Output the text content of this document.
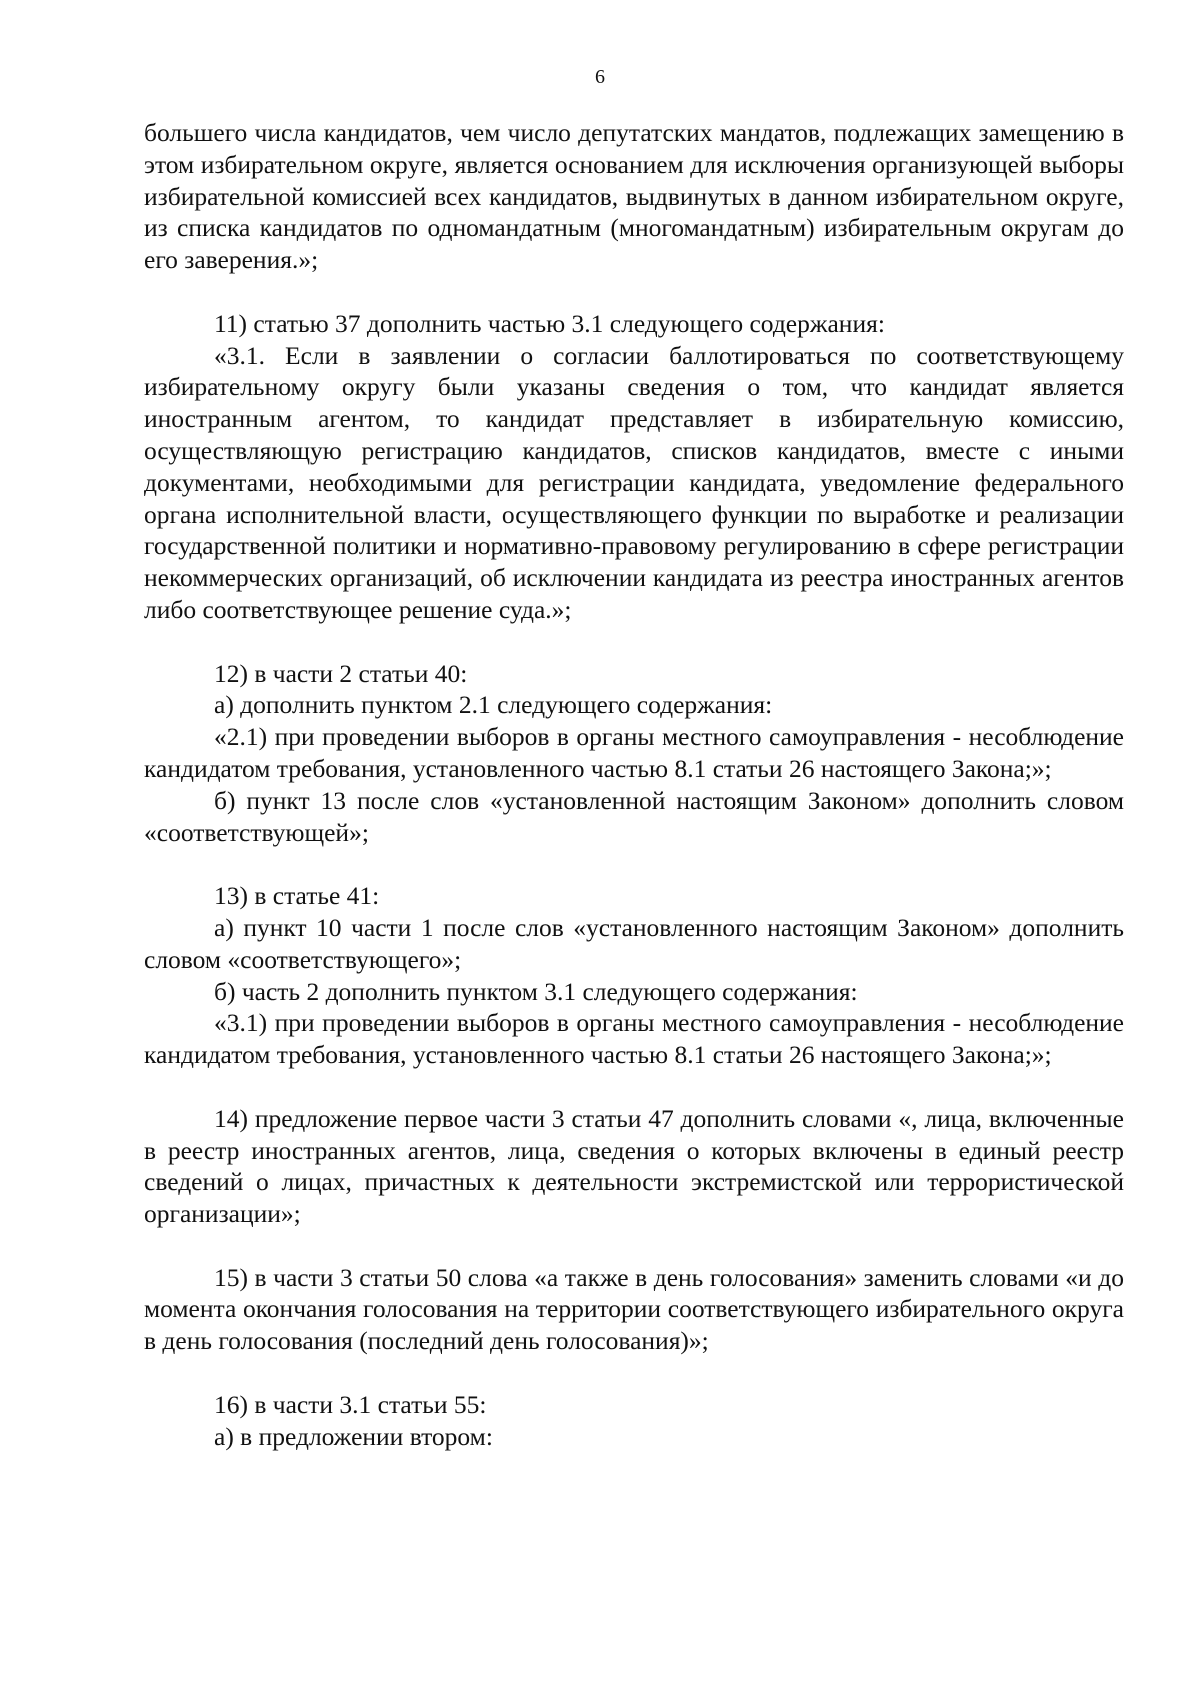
6

большего числа кандидатов, чем число депутатских мандатов, подлежащих замещению в этом избирательном округе, является основанием для исключения организующей выборы избирательной комиссией всех кандидатов, выдвинутых в данном избирательном округе, из списка кандидатов по одномандатным (многомандатным) избирательным округам до его заверения.»;

11) статью 37 дополнить частью 3.1 следующего содержания:

«3.1. Если в заявлении о согласии баллотироваться по соответствующему избирательному округу были указаны сведения о том, что кандидат является иностранным агентом, то кандидат представляет в избирательную комиссию, осуществляющую регистрацию кандидатов, списков кандидатов, вместе с иными документами, необходимыми для регистрации кандидата, уведомление федерального органа исполнительной власти, осуществляющего функции по выработке и реализации государственной политики и нормативно-правовому регулированию в сфере регистрации некоммерческих организаций, об исключении кандидата из реестра иностранных агентов либо соответствующее решение суда.»;

12) в части 2 статьи 40:

а) дополнить пунктом 2.1 следующего содержания:

«2.1) при проведении выборов в органы местного самоуправления - несоблюдение кандидатом требования, установленного частью 8.1 статьи 26 настоящего Закона;»;

б) пункт 13 после слов «установленной настоящим Законом» дополнить словом «соответствующей»;

13) в статье 41:

а) пункт 10 части 1 после слов «установленного настоящим Законом» дополнить словом «соответствующего»;

б) часть 2 дополнить пунктом 3.1 следующего содержания:

«3.1) при проведении выборов в органы местного самоуправления - несоблюдение кандидатом требования, установленного частью 8.1 статьи 26 настоящего Закона;»;

14) предложение первое части 3 статьи 47 дополнить словами «, лица, включенные в реестр иностранных агентов, лица, сведения о которых включены в единый реестр сведений о лицах, причастных к деятельности экстремистской или террористической организации»;

15) в части 3 статьи 50 слова «а также в день голосования» заменить словами «и до момента окончания голосования на территории соответствующего избирательного округа в день голосования (последний день голосования)»;

16) в части 3.1 статьи 55:

а) в предложении втором:
